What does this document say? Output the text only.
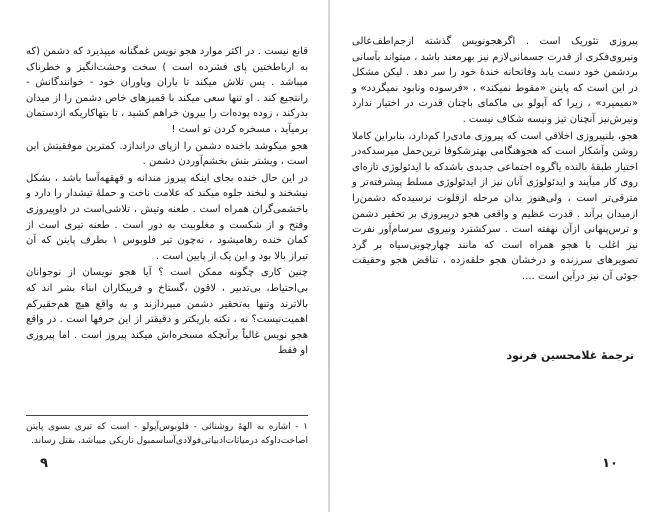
قانع نیست . در اکثر موارد هجو نویس غمگنانه میپذیرد که دشمن (که به ارباطختین پای فشرده است ) سخت وحشت‌انگیز و خطرناک میباشد . پس تلاش میکند تا یاران ویاوران خود - خوانندگانش - رانتجیع کند . او تنها سعی میکند با قمیزهای خاص دشمن را از میدان بدرکند ، زوده پوده‌ات را بیرون خراهم کشید ، تا بتهاکاریکه ازدستمان برمیآید ، مسخره کردن تو است !

هجو میکوشد باخنده دشمن را ازپای دراندازد. کمترین موفقیتش این است ، ویشتر بتش بخشم‌آوردن دشمن .

در این حال خنده بجای اینکه پیروز مندانه و قهقهه‌آسا باشد ، بشکل نیشخند و لبخند جلوه میکند که علامت ناخت و حملۀ تیشدار را دارد و باخشمی‌گران همراه است . طعنه وتیش ، تلاشی‌است در داوپیروزی وفتح و از شکست و مغلوبیت به دور است . طعنه تیری است از کمان خنده رهامیشود ، نه‌چون تیر فلوبوس ۱ بطرف پاینن که آن تیراز بالا بود و این یک از پایین است .

چنین کاری چگونه ممکن است ؟ آیا هجو نویسان از نوجوانان بی‌احتیاط، بی‌تدبیر ، لاقون ،گستاخ و فریبکاران ابناء بشر اند که بالاترند وتنها به‌تحقیر دشمن میپردازند و به واقع هیچ هم‌حقیرکم اهمیت‌نیست؟ نه ، نکته باریکتر و دقیقتر از این حرفها است . در واقع هجو نویس غالباً برآنچکه مسخره‌اش میکند پیروز است . اما پیروزی او فقط

۱ - اشاره به الهۀ روشنائی - فلوبوس‌آپولو - است که تیری بسوی پایتن اصاخت‌داوکه درمیاثات‌ادبیاتی‌فولادی‌آسا‌سمبول تاریکی میباشد، بقتل رساند.
۹

پیروزی تئوریک است . اگرهجونویس گذشته ازجم‌اطف‌عالی ونیروی‌فکری از قدرت جسمانی‌لازم نیز بهرمعند باشد ، میتواند بآسانی بردشمن خود دست یابد وفاتحانه خندۀ خود را سر دهد . لیکن مشکل در این است که پاینن «مقوط نمیکند» ، «فرسوده ونابود نمیگردد» و «نمیمیرد» ، زیرا که آپولو بی ماکمای باچنان قدرت در اختیار ندارد ونیرش‌نیز آنچنان تیز ونیسه شکاف نیست .

هجو، یلنپیروزی اخلاقی است که پیروزی مادی‌را کم‌دارد، بنابراین کاملا روشن وآشکار است که هجوهنگامی بهترشکوفا ترین‌حمل میرسدکه‌در اختیار طبقهٔ بالنده یاگروه اجتماعی جدیدی باشدکه با ایدئولوژی تازه‌ای روی کار میآیند و ایدئولوژی آنان نیز از ایدئولوژی مسلط پیشرفته‌تر و مترقی‌تر است ، ولی‌هنوز بدان مرحله ازقلوت نرسیده‌که دشمن‌را ازمیدان برآند . قدرت عظیم و واقعی هجو درپیروزی بر تحقیر دشمن و ترس‌پنهانی ازآن نهفته است . سرکشترد ونیروی سرسام‌آور نفرت نیز اغلب با هجو همراه است که مانند چهارچوبی‌سیاه بر گرد تصویرهای سرزنده و درخشان هجو حلقه‌زده ، تناقض هجو وحقیقت جوئی آن نیز درآین است ....

ترجمۀ غلامحسین فرنود
۱۰
